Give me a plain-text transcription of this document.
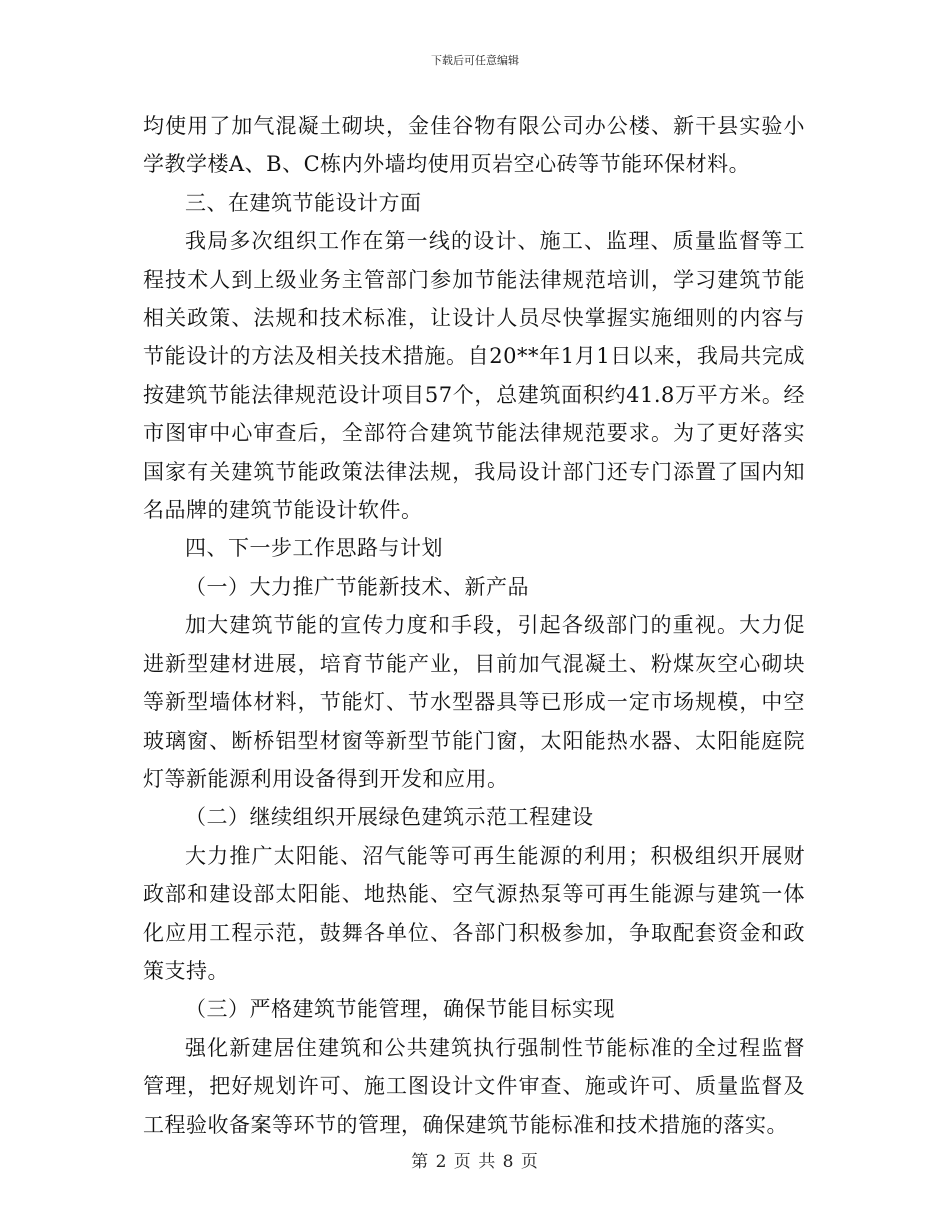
下载后可任意编辑

均使用了加气混凝土砌块，金佳谷物有限公司办公楼、新干县实验小学教学楼A、B、C栋内外墙均使用页岩空心砖等节能环保材料。

三、在建筑节能设计方面

我局多次组织工作在第一线的设计、施工、监理、质量监督等工程技术人到上级业务主管部门参加节能法律规范培训，学习建筑节能相关政策、法规和技术标准，让设计人员尽快掌握实施细则的内容与节能设计的方法及相关技术措施。自20**年1月1日以来，我局共完成按建筑节能法律规范设计项目57个，总建筑面积约41.8万平方米。经市图审中心审查后，全部符合建筑节能法律规范要求。为了更好落实国家有关建筑节能政策法律法规，我局设计部门还专门添置了国内知名品牌的建筑节能设计软件。

四、下一步工作思路与计划

（一）大力推广节能新技术、新产品

加大建筑节能的宣传力度和手段，引起各级部门的重视。大力促进新型建材进展，培育节能产业，目前加气混凝土、粉煤灰空心砌块等新型墙体材料，节能灯、节水型器具等已形成一定市场规模，中空玻璃窗、断桥铝型材窗等新型节能门窗，太阳能热水器、太阳能庭院灯等新能源利用设备得到开发和应用。

（二）继续组织开展绿色建筑示范工程建设

大力推广太阳能、沼气能等可再生能源的利用；积极组织开展财政部和建设部太阳能、地热能、空气源热泵等可再生能源与建筑一体化应用工程示范，鼓舞各单位、各部门积极参加，争取配套资金和政策支持。

（三）严格建筑节能管理，确保节能目标实现

强化新建居住建筑和公共建筑执行强制性节能标准的全过程监督管理，把好规划许可、施工图设计文件审查、施或许可、质量监督及工程验收备案等环节的管理，确保建筑节能标准和技术措施的落实。

第 2 页 共 8 页
